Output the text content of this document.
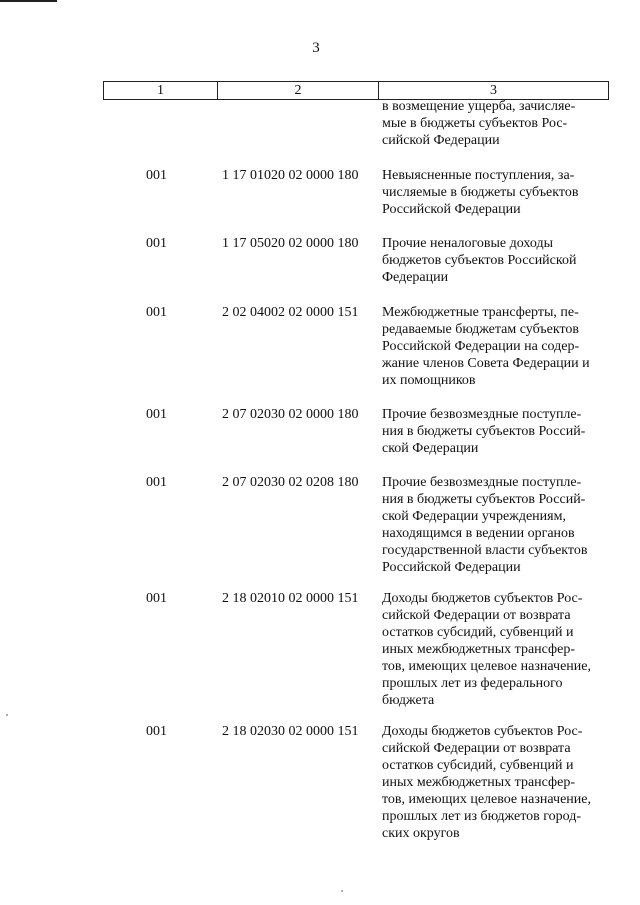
3
1	2	3
в возмещение ущерба, зачисляе-
мые в бюджеты субъектов Рос-
сийской Федерации
001	1 17 01020 02 0000 180 Невыясненные поступления, за-
числяемые в бюджеты субъектов
Российской Федерации
001	1 17 05020 02 0000 180 Прочие неналоговые доходы
бюджетов субъектов Российской
Федерации
001	2 02 04002 02 0000 151 Межбюджетные трансферты, пе-
редаваемые бюджетам субъектов
Российской Федерации на содер-
жание членов Совета Федерации и
их помощников
001	2 07 02030 02 0000 180 Прочие безвозмездные поступле-
ния в бюджеты субъектов Россий-
ской Федерации
001	2 07 02030 02 0208 180 Прочие безвозмездные поступле-
ния в бюджеты субъектов Россий-
ской Федерации учреждениям,
находящимся в ведении органов
государственной власти субъектов
Российской Федерации
001	2 18 02010 02 0000 151 Доходы бюджетов субъектов Рос-
сийской Федерации от возврата
остатков субсидий, субвенций и
иных межбюджетных трансфер-
тов, имеющих целевое назначение,
прошлых лет из федерального
бюджета
001	2 18 02030 02 0000 151 Доходы бюджетов субъектов Рос-
сийской Федерации от возврата
остатков субсидий, субвенций и
иных межбюджетных трансфер-
тов, имеющих целевое назначение,
прошлых лет из бюджетов город-
ских округов
